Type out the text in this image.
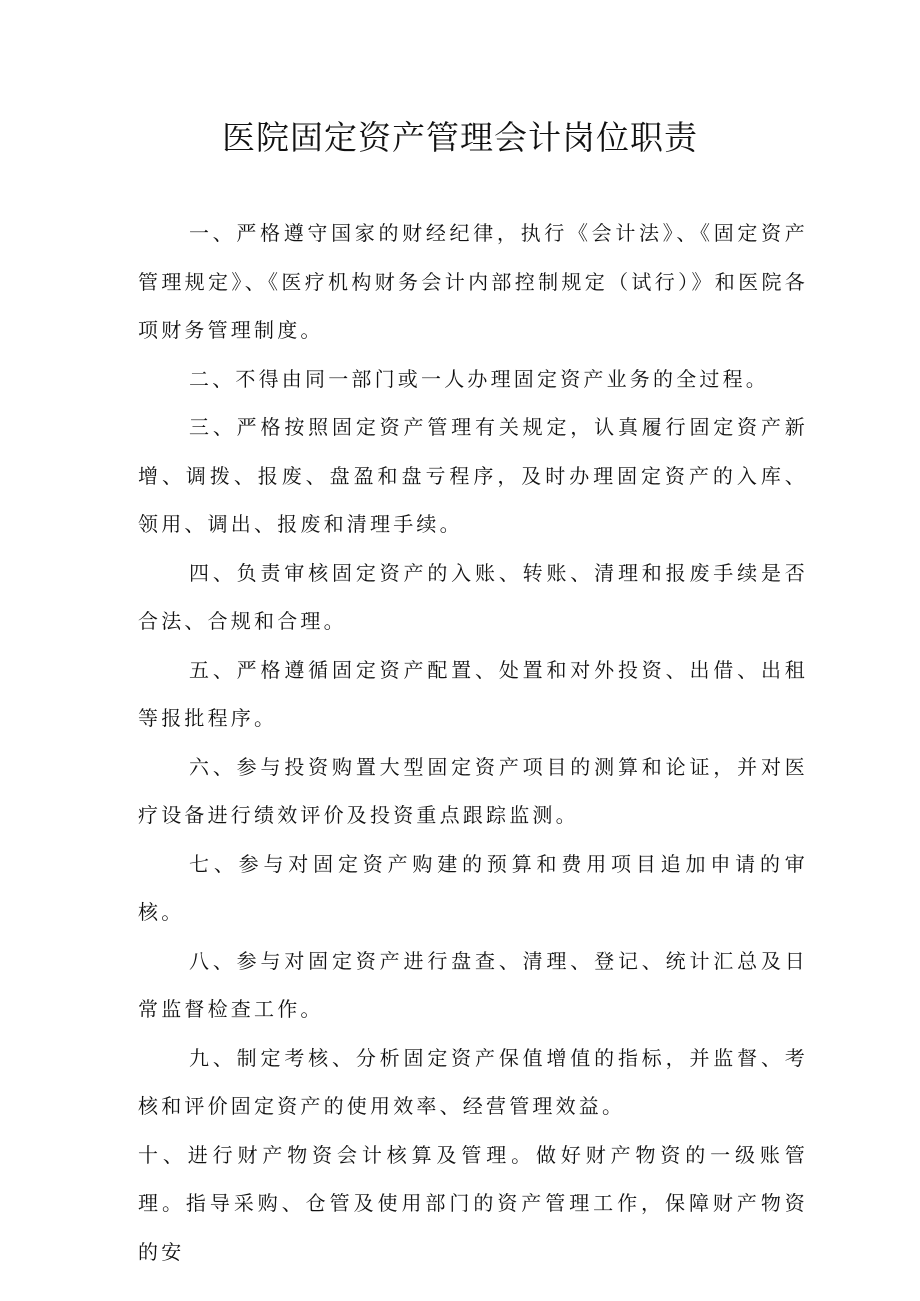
医院固定资产管理会计岗位职责

一、严格遵守国家的财经纪律，执行《会计法》、《固定资产管理规定》、《医疗机构财务会计内部控制规定（试行）》和医院各项财务管理制度。

二、不得由同一部门或一人办理固定资产业务的全过程。

三、严格按照固定资产管理有关规定，认真履行固定资产新增、调拨、报废、盘盈和盘亏程序，及时办理固定资产的入库、领用、调出、报废和清理手续。

四、负责审核固定资产的入账、转账、清理和报废手续是否合法、合规和合理。

五、严格遵循固定资产配置、处置和对外投资、出借、出租等报批程序。

六、参与投资购置大型固定资产项目的测算和论证，并对医疗设备进行绩效评价及投资重点跟踪监测。

七、参与对固定资产购建的预算和费用项目追加申请的审核。

八、参与对固定资产进行盘查、清理、登记、统计汇总及日常监督检查工作。

九、制定考核、分析固定资产保值增值的指标，并监督、考核和评价固定资产的使用效率、经营管理效益。

十、进行财产物资会计核算及管理。做好财产物资的一级账管理。指导采购、仓管及使用部门的资产管理工作，保障财产物资的安
